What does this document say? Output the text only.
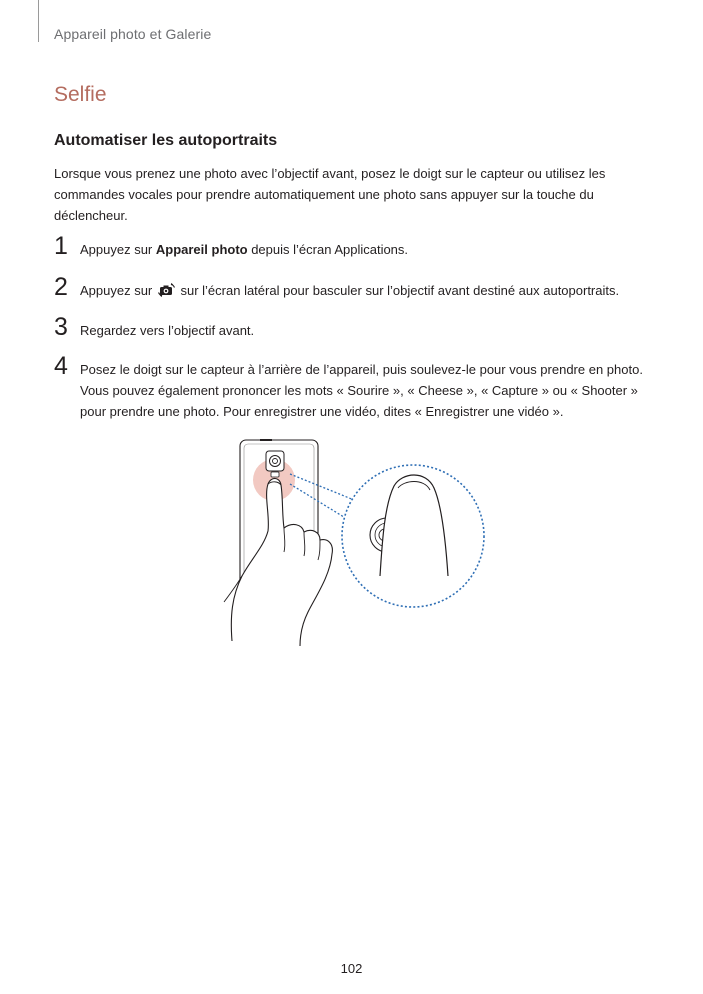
Appareil photo et Galerie
Selfie
Automatiser les autoportraits
Lorsque vous prenez une photo avec l’objectif avant, posez le doigt sur le capteur ou utilisez les commandes vocales pour prendre automatiquement une photo sans appuyer sur la touche du déclencheur.
1 Appuyez sur Appareil photo depuis l’écran Applications.
2 Appuyez sur  sur l’écran latéral pour basculer sur l’objectif avant destiné aux autoportraits.
3 Regardez vers l’objectif avant.
4 Posez le doigt sur le capteur à l’arrière de l’appareil, puis soulevez-le pour vous prendre en photo. Vous pouvez également prononcer les mots « Sourire », « Cheese », « Capture » ou « Shooter » pour prendre une photo. Pour enregistrer une vidéo, dites « Enregistrer une vidéo ».
102
